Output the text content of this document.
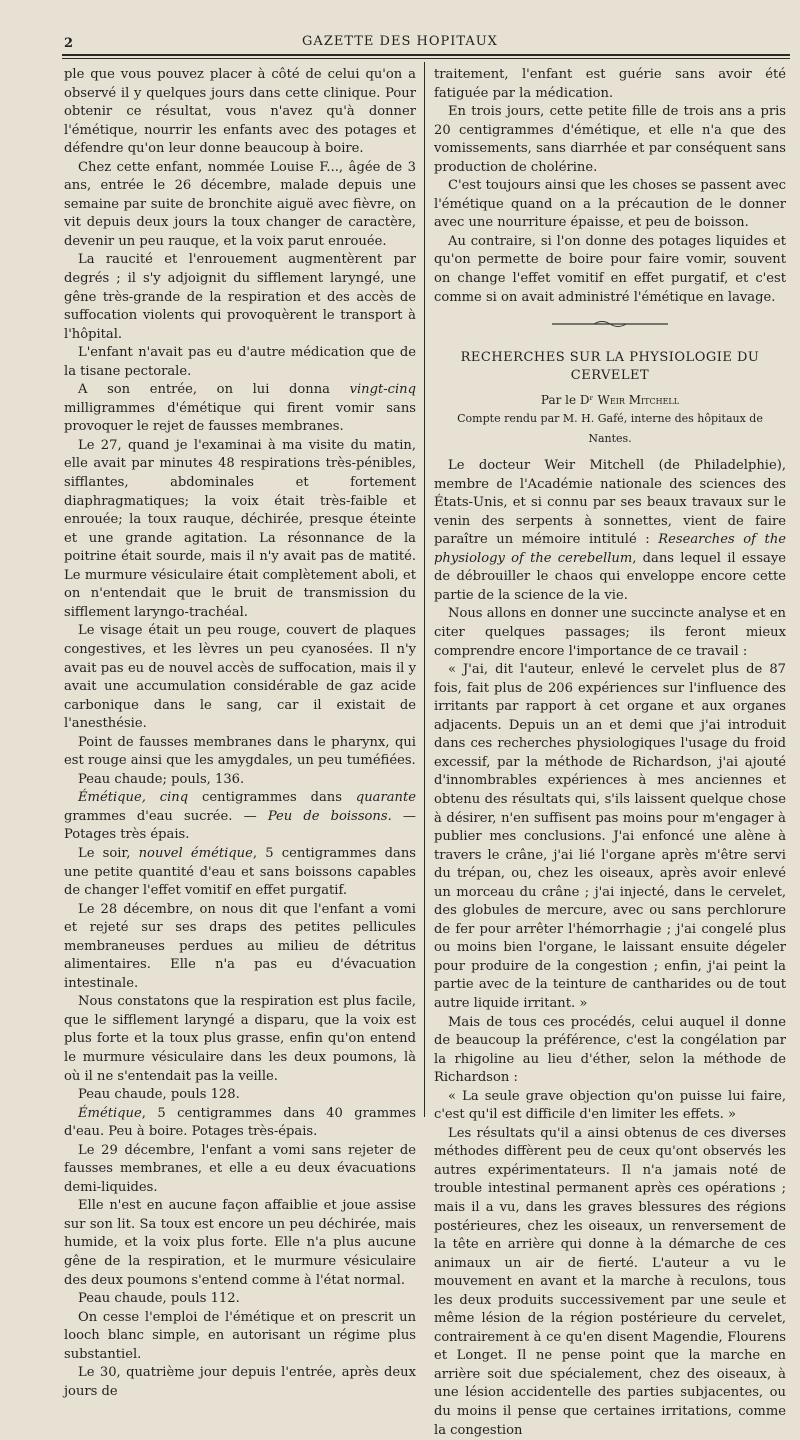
2	GAZETTE DES HOPITAUX

ple que vous pouvez placer à côté de celui qu'on a observé il y quelques jours dans cette clinique. Pour obtenir ce résultat, vous n'avez qu'à donner l'émétique, nourrir les enfants avec des potages et défendre qu'on leur donne beaucoup à boire.

Chez cette enfant, nommée Louise F..., âgée de 3 ans, entrée le 26 décembre, malade depuis une semaine par suite de bronchite aiguë avec fièvre, on vit depuis deux jours la toux changer de caractère, devenir un peu rauque, et la voix parut enrouée.

La raucité et l'enrouement augmentèrent par degrés ; il s'y adjoignit du sifflement laryngé, une gêne très-grande de la respiration et des accès de suffocation violents qui provoquèrent le transport à l'hôpital.

L'enfant n'avait pas eu d'autre médication que de la tisane pectorale.

A son entrée, on lui donna vingt-cinq milligrammes d'émétique qui firent vomir sans provoquer le rejet de fausses membranes.

Le 27, quand je l'examinai à ma visite du matin, elle avait par minutes 48 respirations très-pénibles, sifflantes, abdominales et fortement diaphragmatiques; la voix était très-faible et enrouée; la toux rauque, déchirée, presque éteinte et une grande agitation. La résonnance de la poitrine était sourde, mais il n'y avait pas de matité. Le murmure vésiculaire était complètement aboli, et on n'entendait que le bruit de transmission du sifflement laryngo-trachéal.

Le visage était un peu rouge, couvert de plaques congestives, et les lèvres un peu cyanosées. Il n'y avait pas eu de nouvel accès de suffocation, mais il y avait une accumulation considérable de gaz acide carbonique dans le sang, car il existait de l'anesthésie.

Point de fausses membranes dans le pharynx, qui est rouge ainsi que les amygdales, un peu tuméfiées.

Peau chaude; pouls, 136.

Émétique, cinq centigrammes dans quarante grammes d'eau sucrée. — Peu de boissons. — Potages très épais.

Le soir, nouvel émétique, 5 centigrammes dans une petite quantité d'eau et sans boissons capables de changer l'effet vomitif en effet purgatif.

Le 28 décembre, on nous dit que l'enfant a vomi et rejeté sur ses draps des petites pellicules membraneuses perdues au milieu de détritus alimentaires. Elle n'a pas eu d'évacuation intestinale.

Nous constatons que la respiration est plus facile, que le sifflement laryngé a disparu, que la voix est plus forte et la toux plus grasse, enfin qu'on entend le murmure vésiculaire dans les deux poumons, là où il ne s'entendait pas la veille.

Peau chaude, pouls 128.

Émétique, 5 centigrammes dans 40 grammes d'eau. Peu à boire. Potages très-épais.

Le 29 décembre, l'enfant a vomi sans rejeter de fausses membranes, et elle a eu deux évacuations demi-liquides.

Elle n'est en aucune façon affaiblie et joue assise sur son lit. Sa toux est encore un peu déchirée, mais humide, et la voix plus forte. Elle n'a plus aucune gêne de la respiration, et le murmure vésiculaire des deux poumons s'entend comme à l'état normal.

Peau chaude, pouls 112.

On cesse l'emploi de l'émétique et on prescrit un looch blanc simple, en autorisant un régime plus substantiel.

Le 30, quatrième jour depuis l'entrée, après deux jours de

traitement, l'enfant est guérie sans avoir été fatiguée par la médication.

En trois jours, cette petite fille de trois ans a pris 20 centigrammes d'émétique, et elle n'a que des vomissements, sans diarrhée et par conséquent sans production de cholérine.

C'est toujours ainsi que les choses se passent avec l'émétique quand on a la précaution de le donner avec une nourriture épaisse, et peu de boisson.

Au contraire, si l'on donne des potages liquides et qu'on permette de boire pour faire vomir, souvent on change l'effet vomitif en effet purgatif, et c'est comme si on avait administré l'émétique en lavage.

RECHERCHES SUR LA PHYSIOLOGIE DU CERVELET
Par le Dʳ Weir Mitchell
Compte rendu par M. H. Gafé, interne des hôpitaux de Nantes.

Le docteur Weir Mitchell (de Philadelphie), membre de l'Académie nationale des sciences des États-Unis, et si connu par ses beaux travaux sur le venin des serpents à sonnettes, vient de faire paraître un mémoire intitulé : Researches of the physiology of the cerebellum, dans lequel il essaye de débrouiller le chaos qui enveloppe encore cette partie de la science de la vie.

Nous allons en donner une succincte analyse et en citer quelques passages; ils feront mieux comprendre encore l'importance de ce travail :

« J'ai, dit l'auteur, enlevé le cervelet plus de 87 fois, fait plus de 206 expériences sur l'influence des irritants par rapport à cet organe et aux organes adjacents. Depuis un an et demi que j'ai introduit dans ces recherches physiologiques l'usage du froid excessif, par la méthode de Richardson, j'ai ajouté d'innombrables expériences à mes anciennes et obtenu des résultats qui, s'ils laissent quelque chose à désirer, n'en suffisent pas moins pour m'engager à publier mes conclusions. J'ai enfoncé une alène à travers le crâne, j'ai lié l'organe après m'être servi du trépan, ou, chez les oiseaux, après avoir enlevé un morceau du crâne ; j'ai injecté, dans le cervelet, des globules de mercure, avec ou sans perchlorure de fer pour arrêter l'hémorrhagie ; j'ai congelé plus ou moins bien l'organe, le laissant ensuite dégeler pour produire de la congestion ; enfin, j'ai peint la partie avec de la teinture de cantharides ou de tout autre liquide irritant. »

Mais de tous ces procédés, celui auquel il donne de beaucoup la préférence, c'est la congélation par la rhigoline au lieu d'éther, selon la méthode de Richardson :

« La seule grave objection qu'on puisse lui faire, c'est qu'il est difficile d'en limiter les effets. »

Les résultats qu'il a ainsi obtenus de ces diverses méthodes diffèrent peu de ceux qu'ont observés les autres expérimentateurs. Il n'a jamais noté de trouble intestinal permanent après ces opérations ; mais il a vu, dans les graves blessures des régions postérieures, chez les oiseaux, un renversement de la tête en arrière qui donne à la démarche de ces animaux un air de fierté. L'auteur a vu le mouvement en avant et la marche à reculons, tous les deux produits successivement par une seule et même lésion de la région postérieure du cervelet, contrairement à ce qu'en disent Magendie, Flourens et Longet. Il ne pense point que la marche en arrière soit due spécialement, chez des oiseaux, à une lésion accidentelle des parties subjacentes, ou du moins il pense que certaines irritations, comme la congestion
